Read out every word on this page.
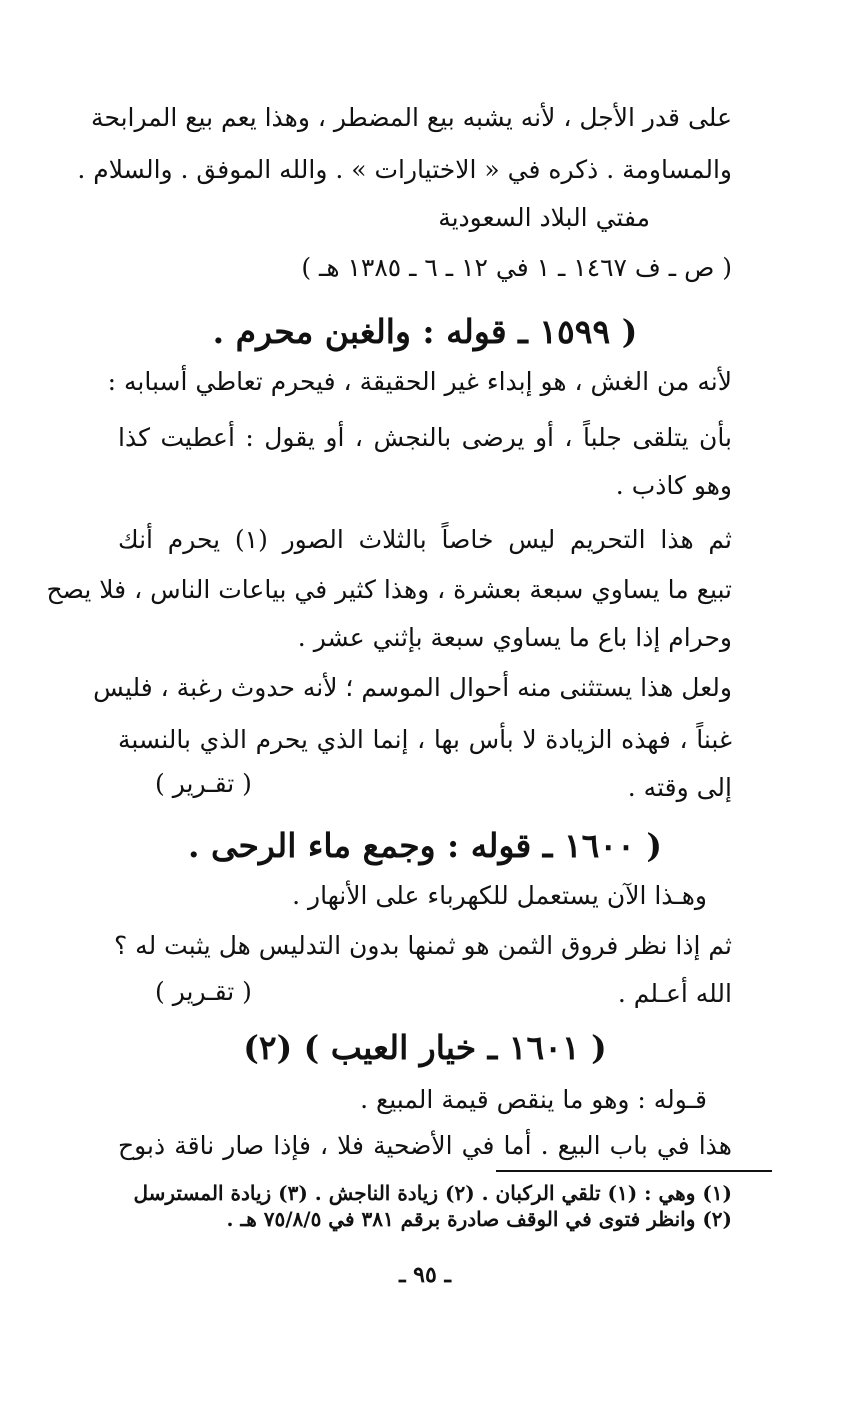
على قدر الأجل ، لأنه يشبه بيع المضطر ، وهذا يعم بيع المرابحة
والمساومة . ذكره في « الاختيارات » . والله الموفق . والسلام .
مفتي البلاد السعودية
( ص ـ ف ١٤٦٧ ـ ١ في ١٢ ـ ٦ ـ ١٣٨٥ هـ )
( ١٥٩٩ ـ قوله : والغبن محرم .
لأنه من الغش ، هو إبداء غير الحقيقة ، فيحرم تعاطي أسبابه :
بأن يتلقى جلباً ، أو يرضى بالنجش ، أو يقول : أعطيت كذا
وهو كاذب .
ثم هذا التحريم ليس خاصاً بالثلاث الصور (١) يحرم أنك
تبيع ما يساوي سبعة بعشرة ، وهذا كثير في بياعات الناس ، فلا يصح
وحرام إذا باع ما يساوي سبعة بإثني عشر .
ولعل هذا يستثنى منه أحوال الموسم ؛ لأنه حدوث رغبة ، فليس
غبناً ، فهذه الزيادة لا بأس بها ، إنما الذي يحرم الذي بالنسبة
إلى وقته .
( تقـرير )
( ١٦٠٠ ـ قوله : وجمع ماء الرحى .
وهـذا الآن يستعمل للكهرباء على الأنهار .
ثم إذا نظر فروق الثمن هو ثمنها بدون التدليس هل يثبت له ؟
الله أعـلم .
( تقـرير )
( ١٦٠١ ـ خيار العيب ) (٢)
قـوله : وهو ما ينقص قيمة المبيع .
هذا في باب البيع . أما في الأضحية فلا ، فإذا صار ناقة ذبوح
(١) وهي : (١) تلقي الركبان . (٢) زيادة الناجش . (٣) زيادة المسترسل
(٢) وانظر فتوى في الوقف صادرة برقم ٣٨١ في ٧٥/٨/٥ هـ .
ـ ٩٥ ـ
